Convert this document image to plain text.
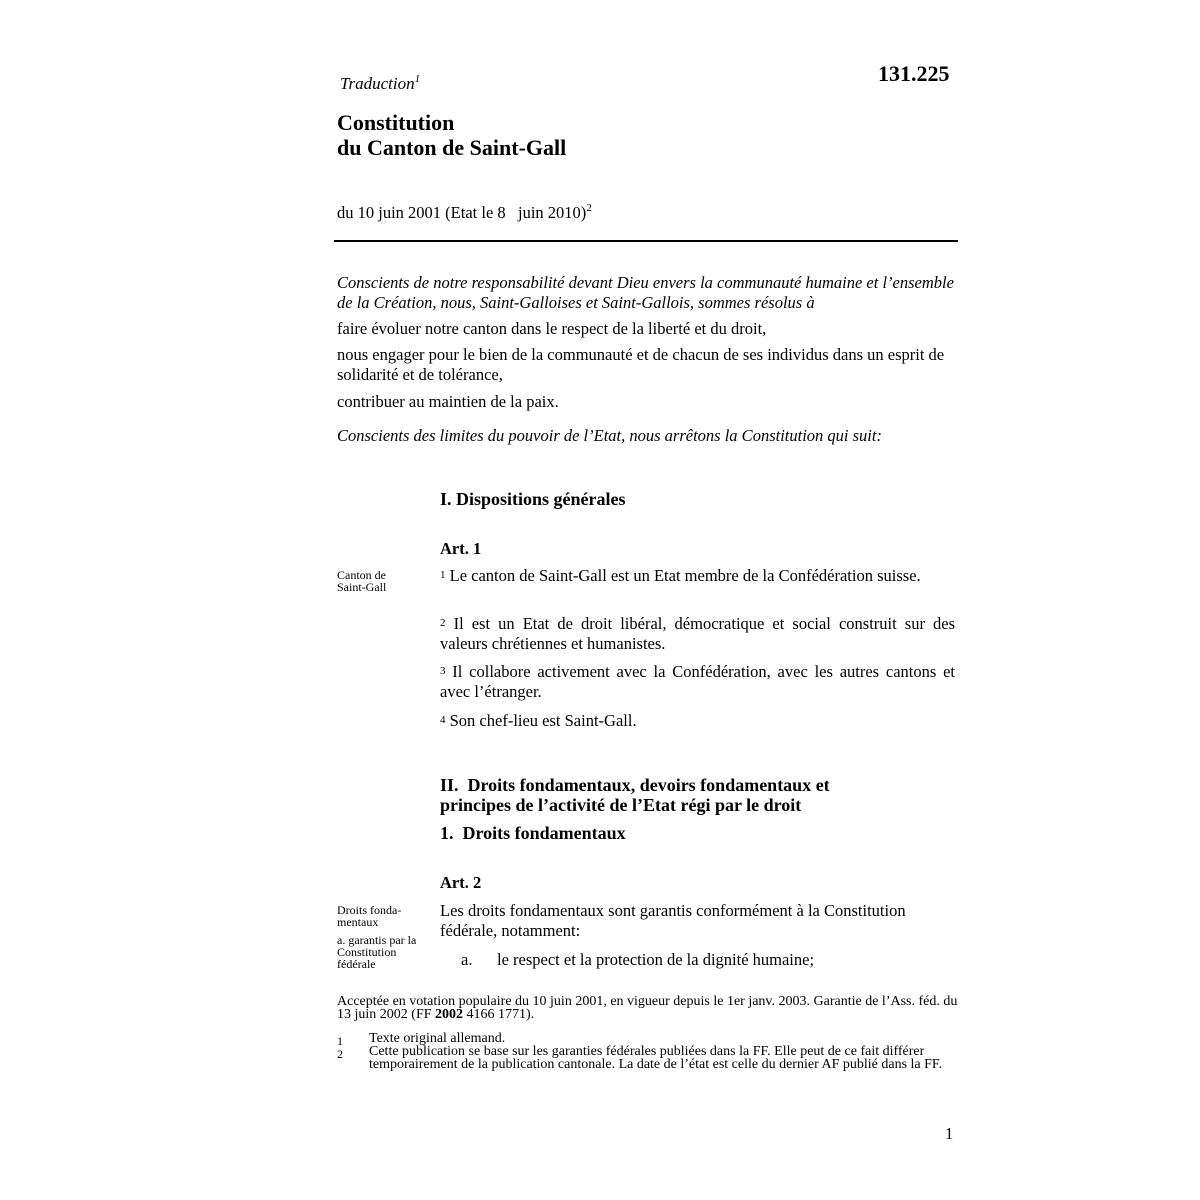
Traduction$^1$	131.225
Constitution
du Canton de Saint-Gall
du 10 juin 2001 (Etat le 8   juin 2010)$^2$
Conscients de notre responsabilité devant Dieu envers la communauté humaine et l’ensemble de la Création, nous, Saint-Galloises et Saint-Gallois, sommes résolus à
faire évoluer notre canton dans le respect de la liberté et du droit,
nous engager pour le bien de la communauté et de chacun de ses individus dans un esprit de solidarité et de tolérance,
contribuer au maintien de la paix.
Conscients des limites du pouvoir de l’Etat, nous arrêtons la Constitution qui suit:
I. Dispositions générales
Art. 1
Canton de
Saint-Gall
$^1$ Le canton de Saint-Gall est un Etat membre de la Confédération suisse.
$^2$ Il est un Etat de droit libéral, démocratique et social construit sur des valeurs chrétiennes et humanistes.
$^3$ Il collabore activement avec la Confédération, avec les autres cantons et avec l’étranger.
$^4$ Son chef-lieu est Saint-Gall.
II.  Droits fondamentaux, devoirs fondamentaux et
principes de l’activité de l’Etat régi par le droit
1.  Droits fondamentaux
Art. 2
Droits fonda-
mentaux
a. garantis par la
Constitution
fédérale
Les droits fondamentaux sont garantis conformément à la Constitution fédérale, notamment:
a. le respect et la protection de la dignité humaine;
Acceptée en votation populaire du 10 juin 2001, en vigueur depuis le 1er janv. 2003. Garantie de l’Ass. féd. du 13 juin 2002 (FF 2002 4166 1771).
1 Texte original allemand.
2 Cette publication se base sur les garanties fédérales publiées dans la FF. Elle peut de ce fait différer temporairement de la publication cantonale. La date de l’état est celle du dernier AF publié dans la FF.
1
